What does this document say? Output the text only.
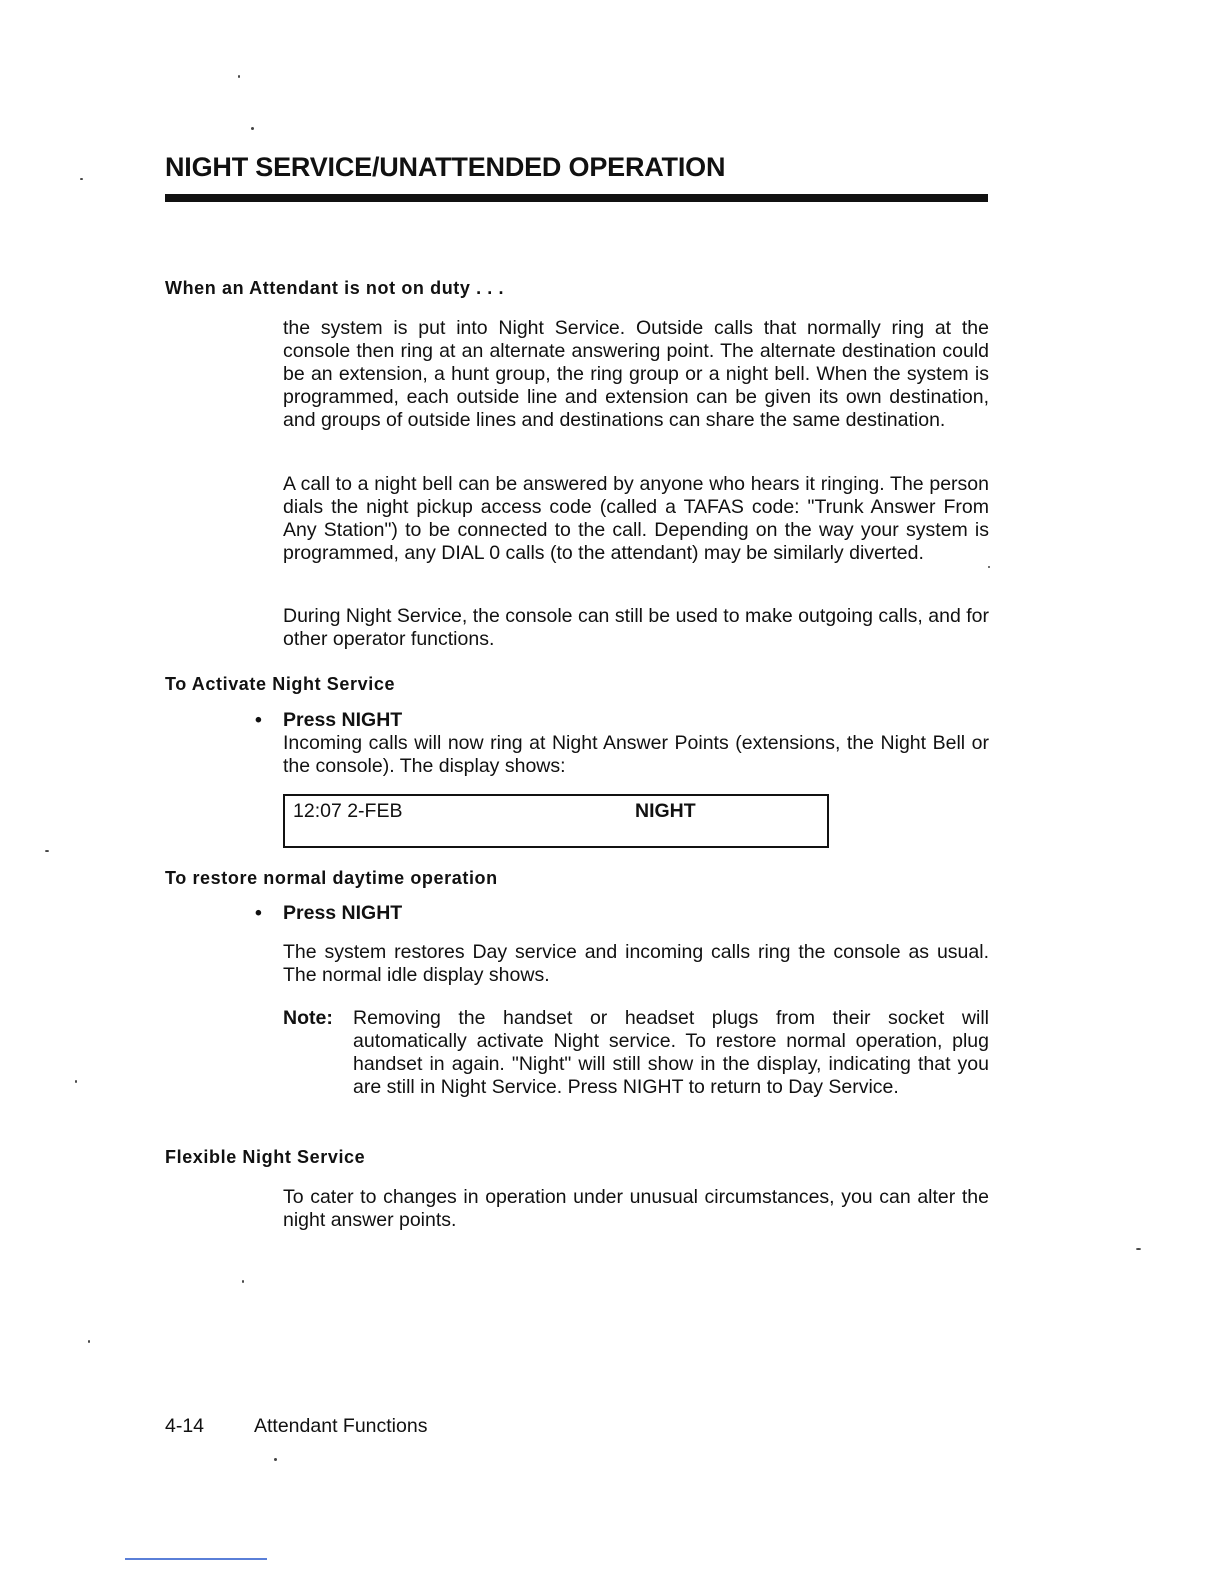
NIGHT SERVICE/UNATTENDED OPERATION
When an Attendant is not on duty . . .
the system is put into Night Service. Outside calls that normally ring at the console then ring at an alternate answering point. The alternate destination could be an extension, a hunt group, the ring group or a night bell. When the system is programmed, each outside line and extension can be given its own destination, and groups of outside lines and destinations can share the same destination.
A call to a night bell can be answered by anyone who hears it ringing. The person dials the night pickup access code (called a TAFAS code: "Trunk Answer From Any Station") to be connected to the call. Depending on the way your system is programmed, any DIAL 0 calls (to the attendant) may be similarly diverted.
During Night Service, the console can still be used to make outgoing calls, and for other operator functions.
To Activate Night Service
• Press NIGHT
Incoming calls will now ring at Night Answer Points (extensions, the Night Bell or the console). The display shows:
12:07 2-FEB	NIGHT
To restore normal daytime operation
• Press NIGHT
The system restores Day service and incoming calls ring the console as usual. The normal idle display shows.
Note: Removing the handset or headset plugs from their socket will automatically activate Night service. To restore normal operation, plug handset in again. "Night" will still show in the display, indicating that you are still in Night Service. Press NIGHT to return to Day Service.
Flexible Night Service
To cater to changes in operation under unusual circumstances, you can alter the night answer points.
4-14	Attendant Functions
